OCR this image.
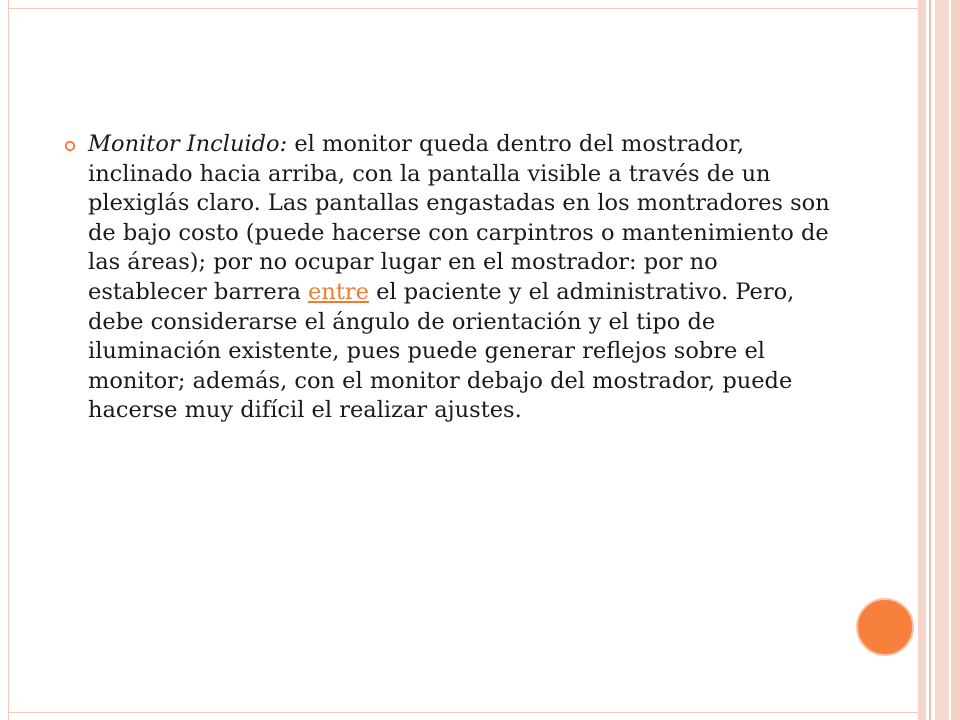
Monitor Incluido: el monitor queda dentro del mostrador, inclinado hacia arriba, con la pantalla visible a través de un plexiglás claro. Las pantallas engastadas en los montradores son de bajo costo (puede hacerse con carpintros o mantenimiento de las áreas); por no ocupar lugar en el mostrador: por no establecer barrera entre el paciente y el administrativo. Pero, debe considerarse el ángulo de orientación y el tipo de iluminación existente, pues puede generar reflejos sobre el monitor; además, con el monitor debajo del mostrador, puede hacerse muy difícil el realizar ajustes.
